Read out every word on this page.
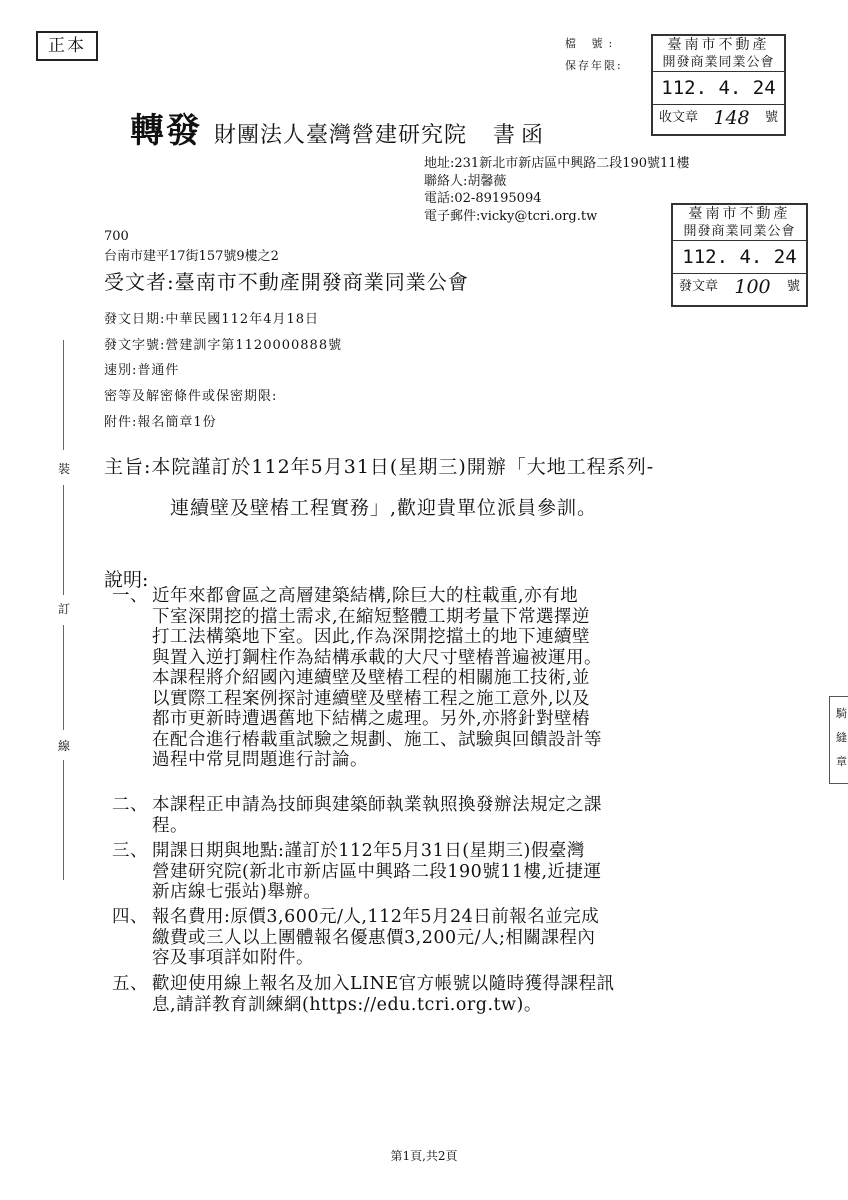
正本	檔 號:
保存年限:
轉發 財團法人臺灣營建研究院 書函
臺南市不動產
開發商業同業公會
112. 4. 24
收文章 148 號
臺南市不動產
開發商業同業公會
112. 4. 24
發文章 100 號
地址:231新北市新店區中興路二段190號11樓
聯絡人:胡馨薇
電話:02-89195094
電子郵件:vicky@tcri.org.tw
700
台南市建平17街157號9樓之2
受文者:臺南市不動產開發商業同業公會
發文日期:中華民國112年4月18日
發文字號:營建訓字第1120000888號
速別:普通件
密等及解密條件或保密期限:
附件:報名簡章1份
主旨:本院謹訂於112年5月31日(星期三)開辦「大地工程系列-
連續壁及壁樁工程實務」,歡迎貴單位派員參訓。
說明:
一、 近年來都會區之高層建築結構,除巨大的柱載重,亦有地
下室深開挖的擋土需求,在縮短整體工期考量下常選擇逆
打工法構築地下室。因此,作為深開挖擋土的地下連續壁
與置入逆打鋼柱作為結構承載的大尺寸壁樁普遍被運用。
本課程將介紹國內連續壁及壁樁工程的相關施工技術,並
以實際工程案例探討連續壁及壁樁工程之施工意外,以及
都市更新時遭遇舊地下結構之處理。另外,亦將針對壁樁
在配合進行樁載重試驗之規劃、施工、試驗與回饋設計等
過程中常見問題進行討論。
二、 本課程正申請為技師與建築師執業執照換發辦法規定之課
程。
三、 開課日期與地點:謹訂於112年5月31日(星期三)假臺灣
營建研究院(新北市新店區中興路二段190號11樓,近捷運
新店線七張站)舉辦。
四、 報名費用:原價3,600元/人,112年5月24日前報名並完成
繳費或三人以上團體報名優惠價3,200元/人;相關課程內
容及事項詳如附件。
五、 歡迎使用線上報名及加入LINE官方帳號以隨時獲得課程訊
息,請詳教育訓練網(https://edu.tcri.org.tw)。
裝
訂
線
騎
縫
章
第1頁,共2頁
